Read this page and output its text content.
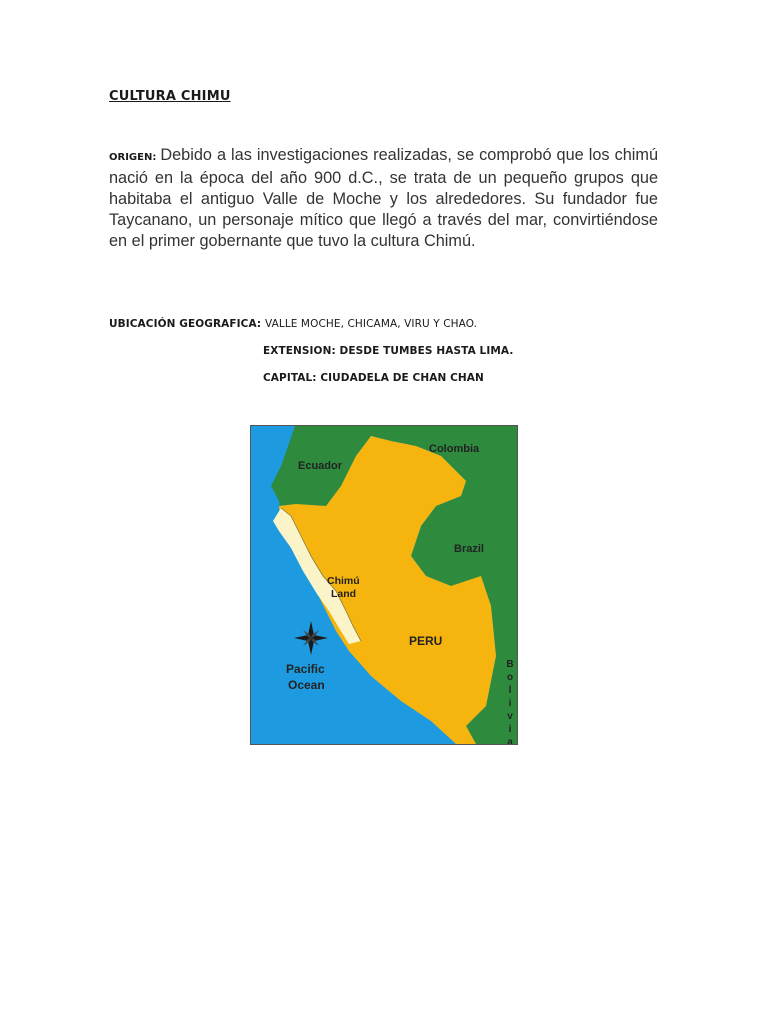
CULTURA CHIMU
ORIGEN: Debido a las investigaciones realizadas, se comprobó que los chimú nació en la época del año 900 d.C., se trata de un pequeño grupos que habitaba el antiguo Valle de Moche y los alrededores. Su fundador fue Taycanano, un personaje mítico que llegó a través del mar, convirtiéndose en el primer gobernante que tuvo la cultura Chimú.
UBICACIÓN GEOGRAFICA: VALLE MOCHE, CHICAMA, VIRU Y CHAO.
EXTENSION: DESDE TUMBES HASTA LIMA.
CAPITAL: CIUDADELA DE CHAN CHAN
Colombia
Ecuador
Brazil
Chimú
Land
PERU
Pacific
Ocean
B
o
l
i
v
i
a
